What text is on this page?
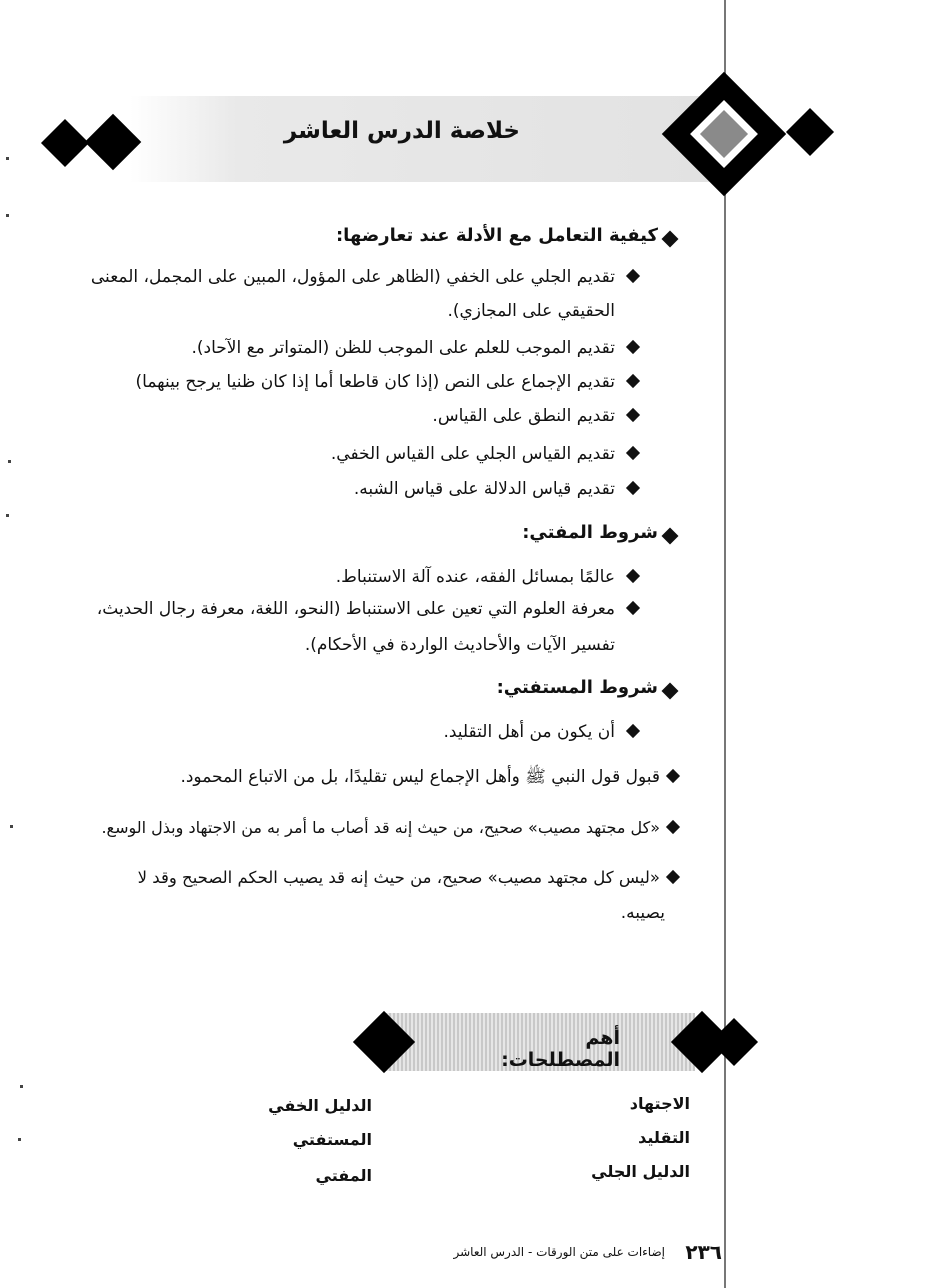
خلاصة الدرس العاشر
كيفية التعامل مع الأدلة عند تعارضها:
تقديم الجلي على الخفي (الظاهر على المؤول، المبين على المجمل، المعنى
الحقيقي على المجازي).
تقديم الموجب للعلم على الموجب للظن (المتواتر مع الآحاد).
تقديم الإجماع على النص (إذا كان قاطعا أما إذا كان ظنيا يرجح بينهما)
تقديم النطق على القياس.
تقديم القياس الجلي على القياس الخفي.
تقديم قياس الدلالة على قياس الشبه.
شروط المفتي:
عالمًا بمسائل الفقه، عنده آلة الاستنباط.
معرفة العلوم التي تعين على الاستنباط (النحو، اللغة، معرفة رجال الحديث،
تفسير الآيات والأحاديث الواردة في الأحكام).
شروط المستفتي:
أن يكون من أهل التقليد.
قبول قول النبي ﷺ وأهل الإجماع ليس تقليدًا، بل من الاتباع المحمود.
«كل مجتهد مصيب» صحيح، من حيث إنه قد أصاب ما أمر به من الاجتهاد وبذل الوسع.
«ليس كل مجتهد مصيب» صحيح، من حيث إنه قد يصيب الحكم الصحيح وقد لا
يصيبه.
أهم المصطلحات:
الاجتهاد
التقليد
الدليل الجلي
الدليل الخفي
المستفتي
المفتي
٢٣٦
إضاءات على متن الورقات - الدرس العاشر
